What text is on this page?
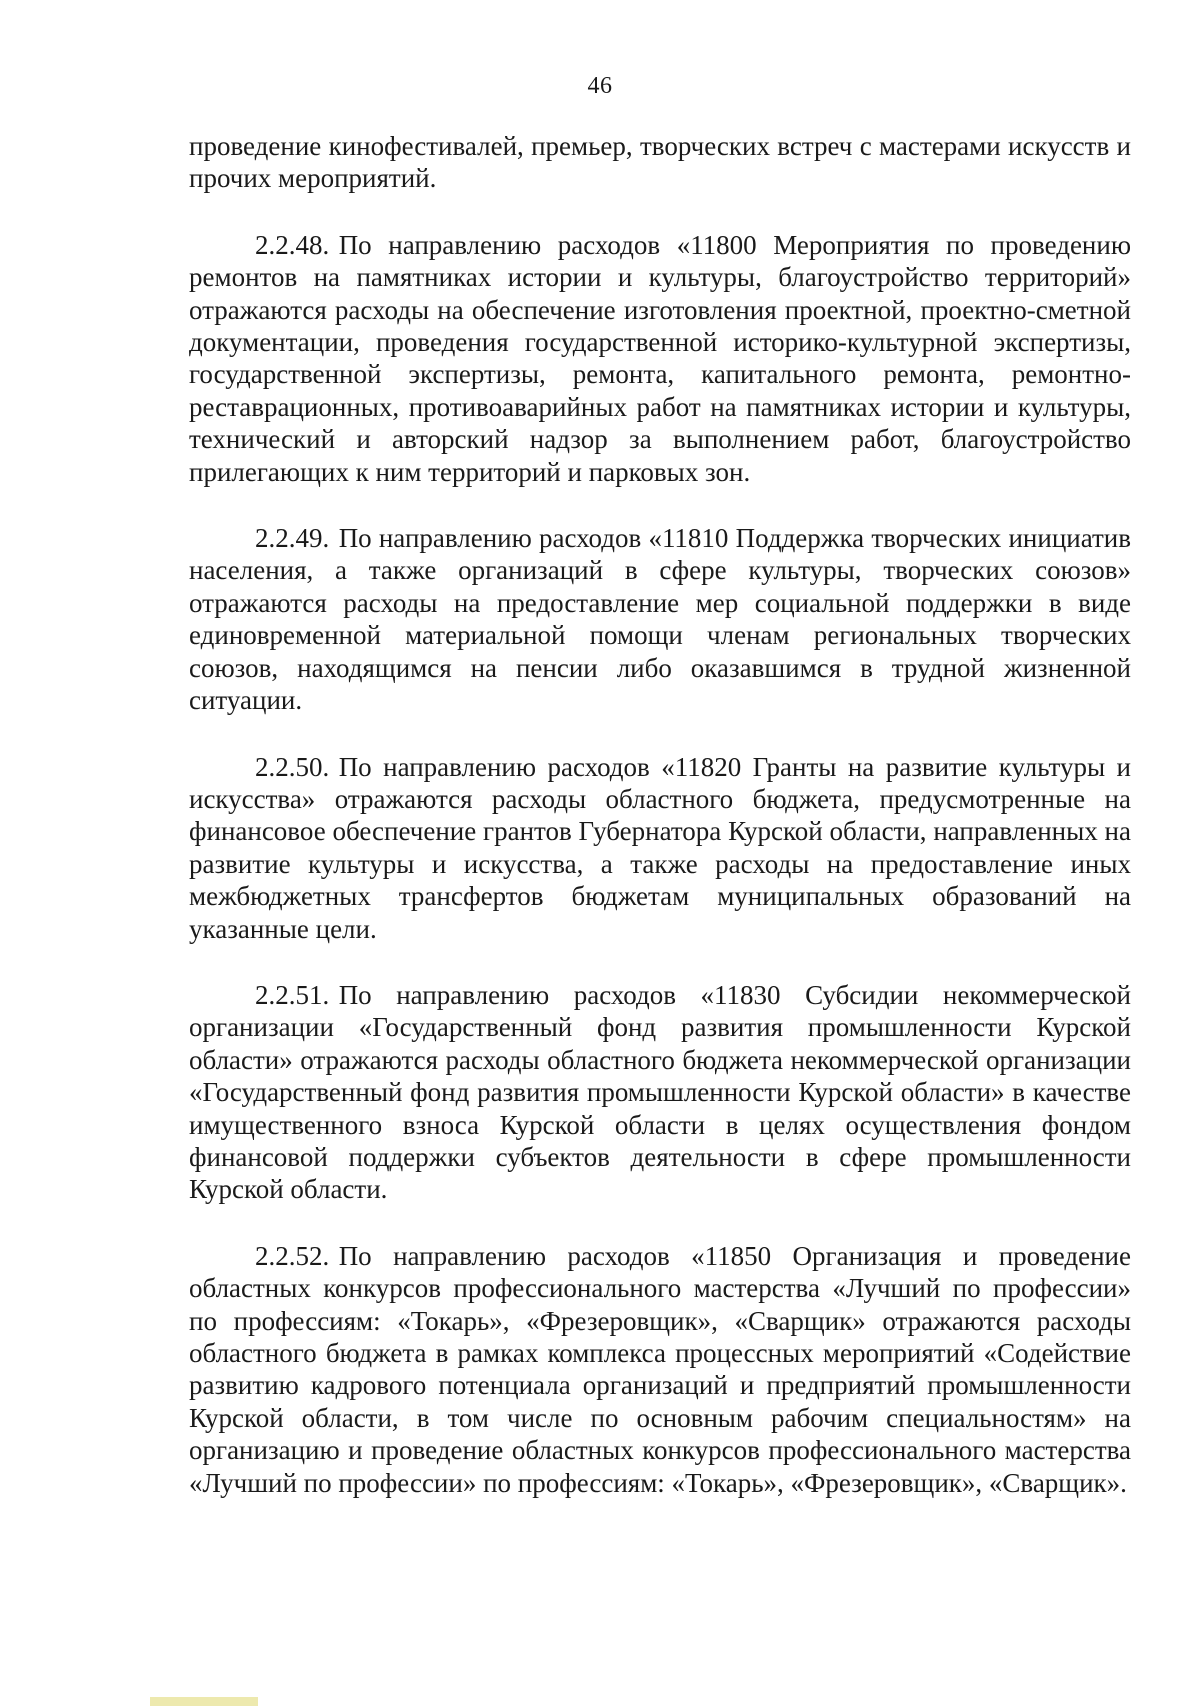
46

проведение кинофестивалей, премьер, творческих встреч с мастерами искусств и прочих мероприятий.

2.2.48. По направлению расходов «11800 Мероприятия по проведению ремонтов на памятниках истории и культуры, благоустройство территорий» отражаются расходы на обеспечение изготовления проектной, проектно-сметной документации, проведения государственной историко-культурной экспертизы, государственной экспертизы, ремонта, капитального ремонта, ремонтно-реставрационных, противоаварийных работ на памятниках истории и культуры, технический и авторский надзор за выполнением работ, благоустройство прилегающих к ним территорий и парковых зон.

2.2.49. По направлению расходов «11810 Поддержка творческих инициатив населения, а также организаций в сфере культуры, творческих союзов» отражаются расходы на предоставление мер социальной поддержки в виде единовременной материальной помощи членам региональных творческих союзов, находящимся на пенсии либо оказавшимся в трудной жизненной ситуации.

2.2.50. По направлению расходов «11820 Гранты на развитие культуры и искусства» отражаются расходы областного бюджета, предусмотренные на финансовое обеспечение грантов Губернатора Курской области, направленных на развитие культуры и искусства, а также расходы на предоставление иных межбюджетных трансфертов бюджетам муниципальных образований на указанные цели.

2.2.51. По направлению расходов «11830 Субсидии некоммерческой организации «Государственный фонд развития промышленности Курской области» отражаются расходы областного бюджета некоммерческой организации «Государственный фонд развития промышленности Курской области» в качестве имущественного взноса Курской области в целях осуществления фондом финансовой поддержки субъектов деятельности в сфере промышленности Курской области.

2.2.52. По направлению расходов «11850 Организация и проведение областных конкурсов профессионального мастерства «Лучший по профессии» по профессиям: «Токарь», «Фрезеровщик», «Сварщик» отражаются расходы областного бюджета в рамках комплекса процессных мероприятий «Содействие развитию кадрового потенциала организаций и предприятий промышленности Курской области, в том числе по основным рабочим специальностям» на организацию и проведение областных конкурсов профессионального мастерства «Лучший по профессии» по профессиям: «Токарь», «Фрезеровщик», «Сварщик».
